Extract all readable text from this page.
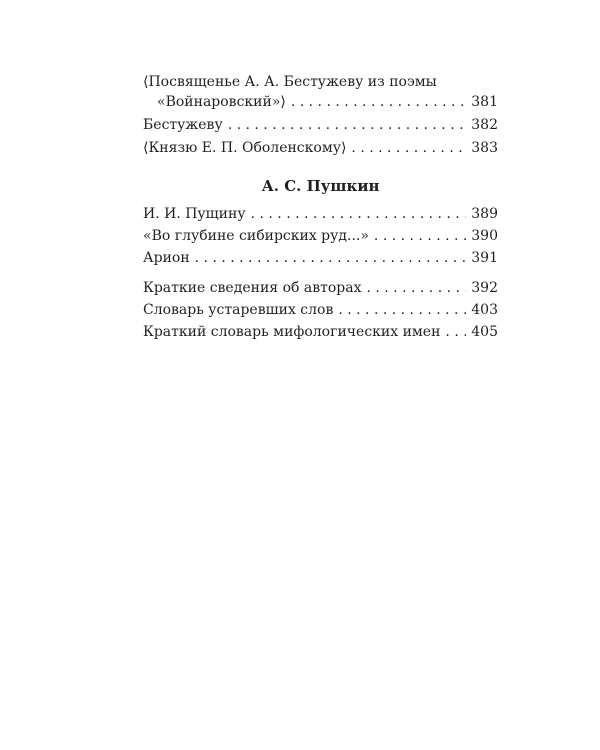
⟨Посвященье А. А. Бестужеву из поэмы
«Войнаровский»⟩ . . .	381
Бестужеву . . .	382
⟨Князю Е. П. Оболенскому⟩ . . .	383
А. С. Пушкин
И. И. Пущину . . .	389
«Во глубине сибирских руд...» . . .	390
Арион . . .	391
Краткие сведения об авторах . . .	392
Словарь устаревших слов . . .	403
Краткий словарь мифологических имен . . . 405
